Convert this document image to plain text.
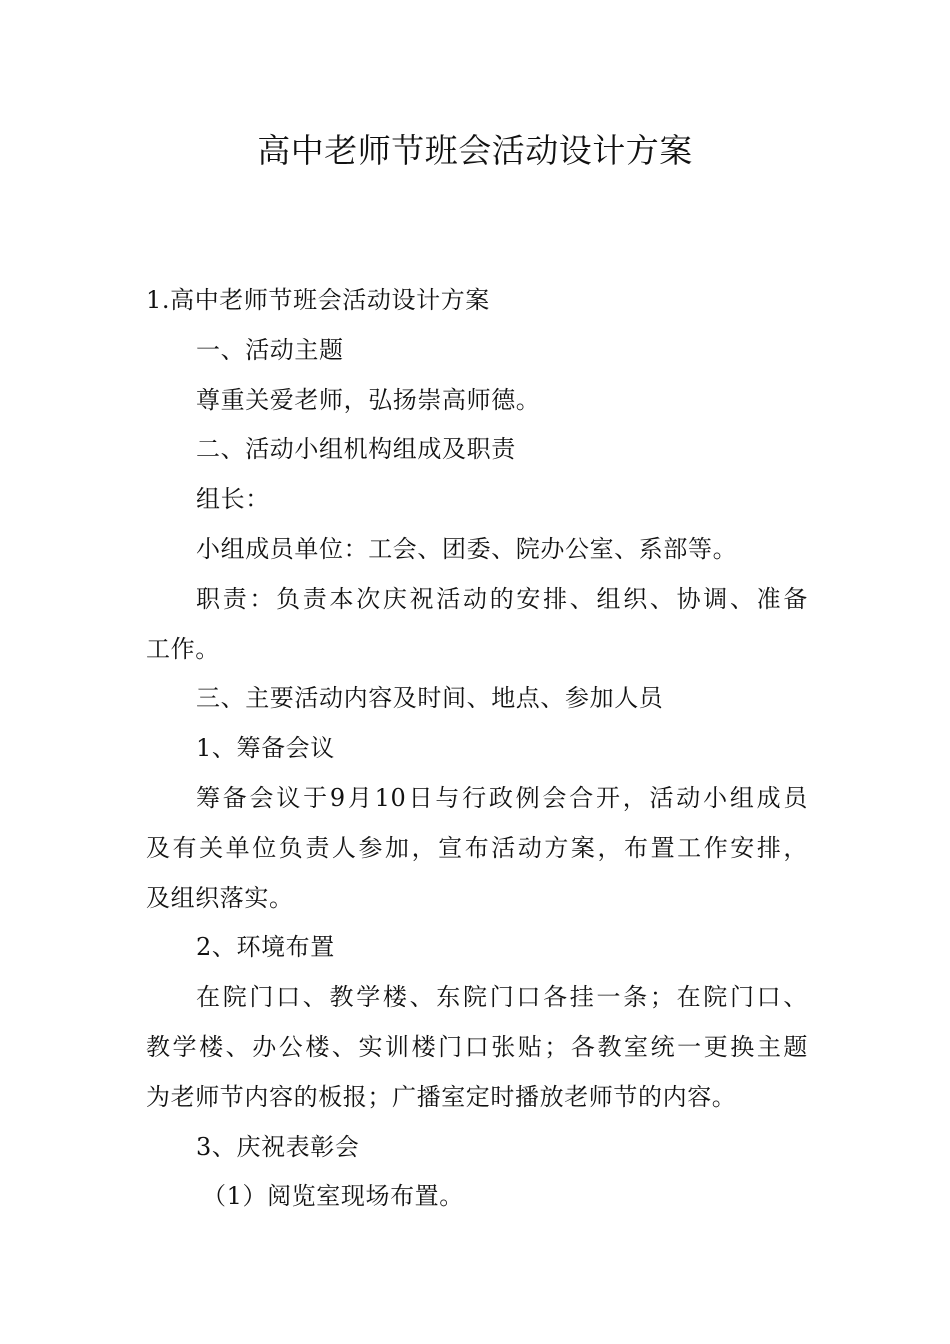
高中老师节班会活动设计方案

1.高中老师节班会活动设计方案

一、活动主题

尊重关爱老师，弘扬崇高师德。

二、活动小组机构组成及职责

组长：

小组成员单位：工会、团委、院办公室、系部等。

职责：负责本次庆祝活动的安排、组织、协调、准备

工作。

三、主要活动内容及时间、地点、参加人员

1、筹备会议

筹备会议于9月10日与行政例会合开，活动小组成员

及有关单位负责人参加，宣布活动方案，布置工作安排，

及组织落实。

2、环境布置

在院门口、教学楼、东院门口各挂一条；在院门口、

教学楼、办公楼、实训楼门口张贴；各教室统一更换主题

为老师节内容的板报；广播室定时播放老师节的内容。

3、庆祝表彰会

（1）阅览室现场布置。
